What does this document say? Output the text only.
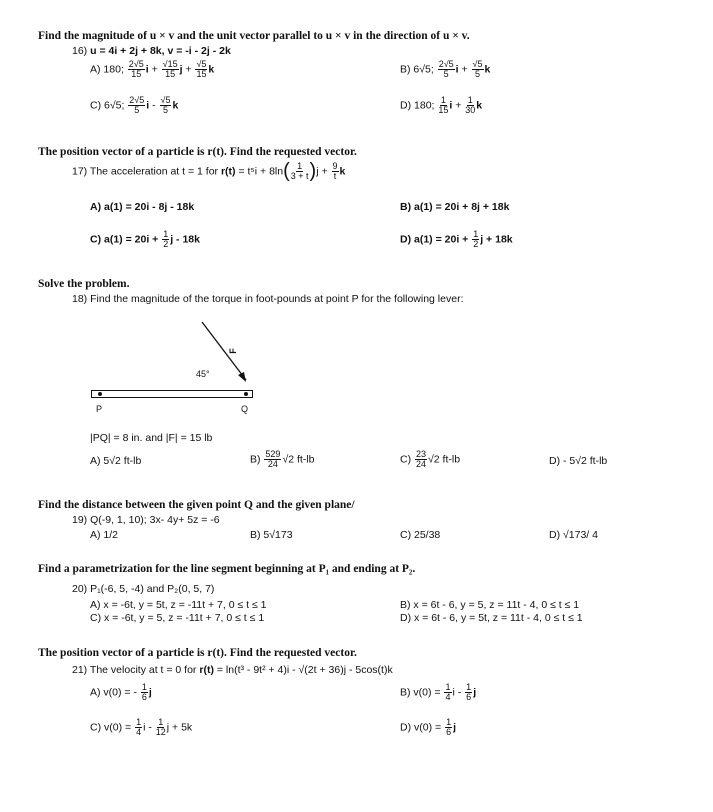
Find the magnitude of u × v and the unit vector parallel to u × v in the direction of u × v.
16) u = 4i + 2j + 8k, v = -i - 2j - 2k
A) 180; $\frac{2√5}{15}$ $i + \frac{√15}{15}$ $j + \frac{√5}{15}$ k	B) 6√5; $\frac{2√5}{5}$ $i + \frac{√5}{5}$ k
C) 6√5; $\frac{2√5}{5}$ i - $\frac{√5}{5}$ k	D) 180; $\frac{1}{15}$ $i + \frac{1}{30}$ k
The position vector of a particle is r(t). Find the requested vector.
17) The acceleration at t = 1 for $r(t) = t^5i + 8\ln( \frac{1}{3 + t} )j + \frac{9}{t}$ k
A) a(1) = 20i - 8j - 18k	B) a(1) = 20i + 8j + 18k
C) $a(1) = 20i + \frac{1}{2}$ j - 18k	D) $a(1) = 20i + \frac{1}{2}$ j + 18k
Solve the problem.
18) Find the magnitude of the torque in foot-pounds at point P for the following lever:
45°
F
P	Q
|PQ| = 8 in. and |F| = 15 lb
A) 5√2 ft-lb	$B) \frac{529}{24} √2$ ft-lb	$C) \frac{23}{24} √2$ ft-lb	D) - 5√2 ft-lb
Find the distance between the given point Q and the given plane/
19) Q(-9, 1, 10); 3x- 4y+ 5z = -6
A) 1/2	B) 5√173	C) 25/38	D) √173/ 4
Find a parametrization for the line segment beginning at P₁ and ending at P₂.
20) P₁(-6, 5, -4) and P₂(0, 5, 7)
A) x = -6t, y = 5t, z = -11t + 7, 0 ≤ t ≤ 1	B) x = 6t - 6, y = 5, z = 11t - 4, 0 ≤ t ≤ 1
C) x = -6t, y = 5, z = -11t + 7, 0 ≤ t ≤ 1	D) x = 6t - 6, y = 5t, z = 11t - 4, 0 ≤ t ≤ 1
The position vector of a particle is r(t). Find the requested vector.
21) The velocity at t = 0 for r(t) = ln(t³ - 9t² + 4)i - √(2t + 36)j - 5cos(t)k
A) v(0) = - $\frac{1}{6}$ j	B) $v(0) = \frac{1}{4}$ i - $\frac{1}{6}$ j
C) $v(0) = \frac{1}{4}$ i - $\frac{1}{12}$ j + 5k	D) $v(0) = \frac{1}{6}$ j
